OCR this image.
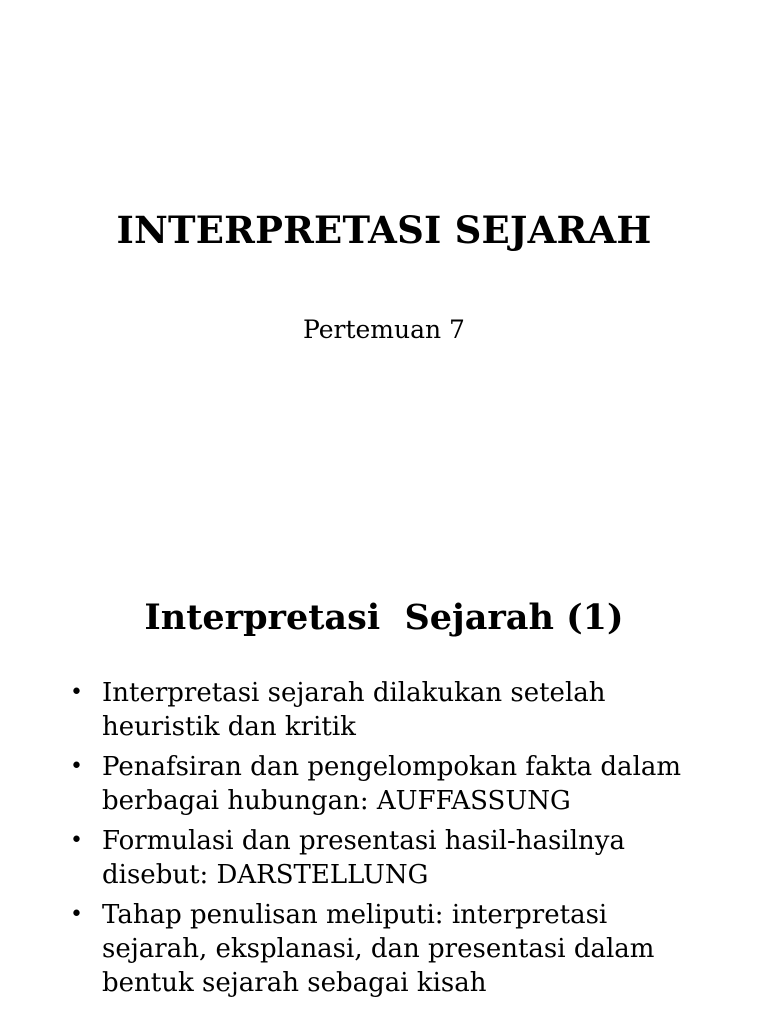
INTERPRETASI SEJARAH
Pertemuan 7
Interpretasi  Sejarah (1)
• Interpretasi sejarah dilakukan setelah heuristik dan kritik
• Penafsiran dan pengelompokan fakta dalam berbagai hubungan: AUFFASSUNG
• Formulasi dan presentasi hasil-hasilnya disebut: DARSTELLUNG
• Tahap penulisan meliputi: interpretasi sejarah, eksplanasi, dan presentasi dalam bentuk sejarah sebagai kisah
